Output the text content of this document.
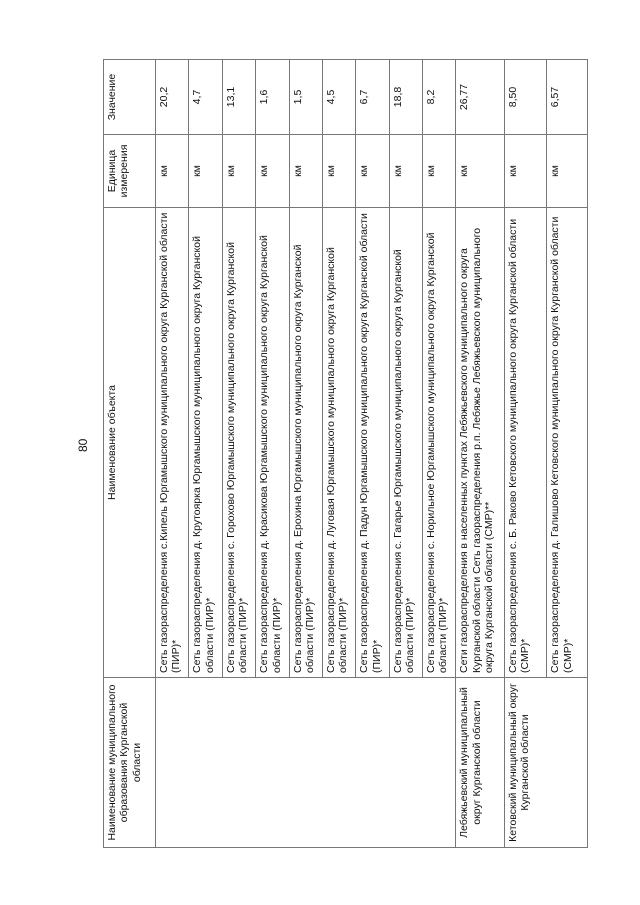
80
Наименование муниципального образования Курганской области	Наименование объекта	Единица измерения	Значение
	Сеть газораспределения с.Кипель Юргамышского муниципального округа Курганской области (ПИР)*	км	20,2
	Сеть газораспределения д. Крутоярка Юргамышского муниципального округа Курганской области (ПИР)*	км	4,7
	Сеть газораспределения с. Горохово Юргамышского муниципального округа Курганской области (ПИР)*	км	13,1
	Сеть газораспределения д. Красикова Юргамышского муниципального округа Курганской области (ПИР)*	км	1,6
	Сеть газораспределения д. Ерохина Юргамышского муниципального округа Курганской области (ПИР)*	км	1,5
	Сеть газораспределения д. Луговая Юргамышского муниципального округа Курганской области (ПИР)*	км	4,5
	Сеть газораспределения д. Падун Юргамышского муниципального округа Курганской области (ПИР)*	км	6,7
	Сеть газораспределения с. Гагарье Юргамышского муниципального округа Курганской области (ПИР)*	км	18,8
	Сеть газораспределения с. Норильное Юргамышского муниципального округа Курганской области (ПИР)*	км	8,2
Лебяжьевский муниципальный округ Курганской области	Сети газораспределения в населенных пунктах Лебяжьевского муниципального округа Курганской области Сеть газораспределения р.п. Лебяжье Лебяжьевского муниципального округа Курганской области (СМР)**	км	26,77
Кетовский муниципальный округ Курганской области	Сеть газораспределения с. Б. Раково Кетовского муниципального округа Курганской области (СМР)*	км	8,50
	Сеть газораспределения д. Галишово Кетовского муниципального округа Курганской области (СМР)*	км	6,57
